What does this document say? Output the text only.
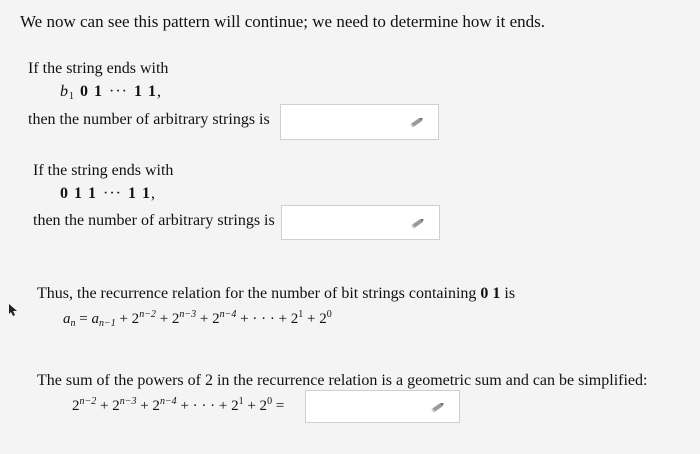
We now can see this pattern will continue; we need to determine how it ends.
If the string ends with
$b_1$ 0 1 ··· 1 1,
then the number of arbitrary strings is
If the string ends with
0 1 1 ··· 1 1,
then the number of arbitrary strings is
Thus, the recurrence relation for the number of bit strings containing 0 1 is
$a_n = a_{n-1} + 2^{n-2} + 2^{n-3} + 2^{n-4}$ + · · · + $2^1 + 2^0$
The sum of the powers of 2 in the recurrence relation is a geometric sum and can be simplified:
$2^{n-2} + 2^{n-3} + 2^{n-4}$ + · · · + $2^1 + 2^0$ =
